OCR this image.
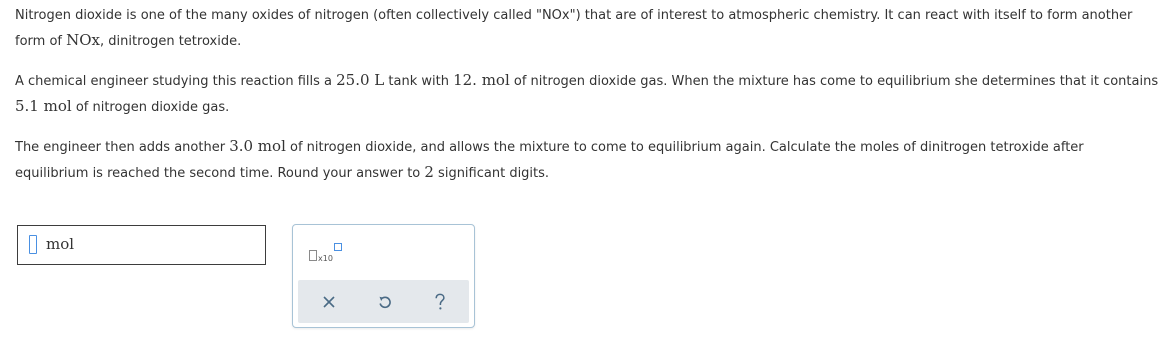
Nitrogen dioxide is one of the many oxides of nitrogen (often collectively called "NOx") that are of interest to atmospheric chemistry. It can react with itself to form another form of NOx, dinitrogen tetroxide.

A chemical engineer studying this reaction fills a 25.0 L tank with 12. mol of nitrogen dioxide gas. When the mixture has come to equilibrium she determines that it contains 5.1 mol of nitrogen dioxide gas.

The engineer then adds another 3.0 mol of nitrogen dioxide, and allows the mixture to come to equilibrium again. Calculate the moles of dinitrogen tetroxide after equilibrium is reached the second time. Round your answer to 2 significant digits.

mol
x10
